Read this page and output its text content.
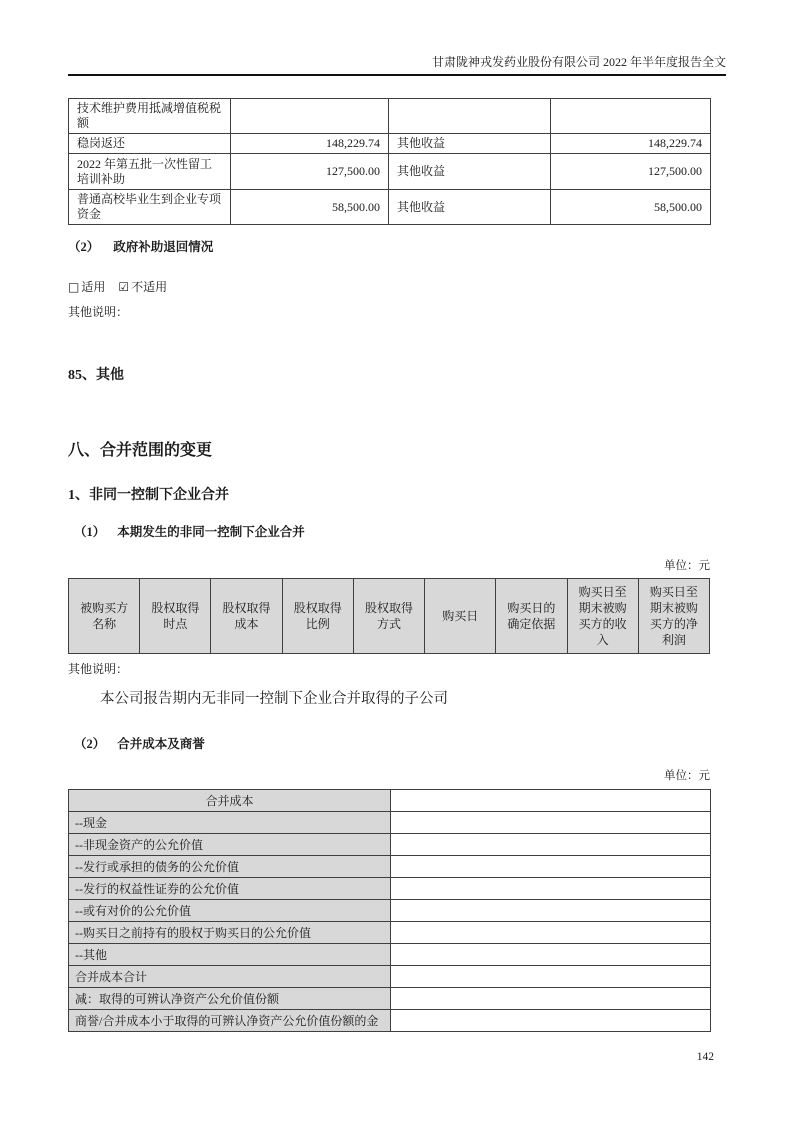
甘肃陇神戎发药业股份有限公司 2022 年半年度报告全文
技术维护费用抵减增值税税额			
稳岗返还	148,229.74	其他收益	148,229.74
2022 年第五批一次性留工培训补助	127,500.00	其他收益	127,500.00
普通高校毕业生到企业专项资金	58,500.00	其他收益	58,500.00
（2） 政府补助退回情况
□ 适用 ☑ 不适用
其他说明：
85、其他
八、合并范围的变更
1、非同一控制下企业合并
（1） 本期发生的非同一控制下企业合并
单位：元
被购买方名称	股权取得时点	股权取得成本	股权取得比例	股权取得方式	购买日	购买日的确定依据	购买日至期末被购买方的收入	购买日至期末被购买方的净利润
其他说明：
本公司报告期内无非同一控制下企业合并取得的子公司
（2） 合并成本及商誉
单位：元
合并成本	
--现金	
--非现金资产的公允价值	
--发行或承担的债务的公允价值	
--发行的权益性证券的公允价值	
--或有对价的公允价值	
--购买日之前持有的股权于购买日的公允价值	
--其他	
合并成本合计	
减：取得的可辨认净资产公允价值份额	
商誉/合并成本小于取得的可辨认净资产公允价值份额的金	
142
